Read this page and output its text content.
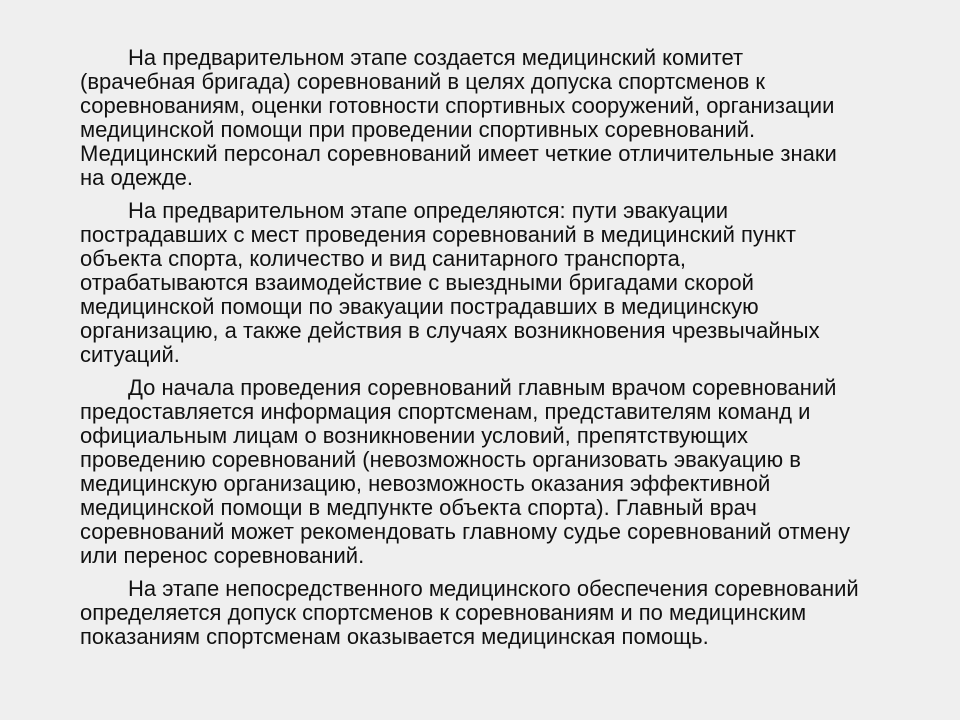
На предварительном этапе создается медицинский комитет
(врачебная бригада) соревнований в целях допуска спортсменов к
соревнованиям, оценки готовности спортивных сооружений, организации
медицинской помощи при проведении спортивных соревнований.
Медицинский персонал соревнований имеет четкие отличительные знаки
на одежде.
На предварительном этапе определяются: пути эвакуации
пострадавших с мест проведения соревнований в медицинский пункт
объекта спорта, количество и вид санитарного транспорта,
отрабатываются взаимодействие с выездными бригадами скорой
медицинской помощи по эвакуации пострадавших в медицинскую
организацию, а также действия в случаях возникновения чрезвычайных
ситуаций.
До начала проведения соревнований главным врачом соревнований
предоставляется информация спортсменам, представителям команд и
официальным лицам о возникновении условий, препятствующих
проведению соревнований (невозможность организовать эвакуацию в
медицинскую организацию, невозможность оказания эффективной
медицинской помощи в медпункте объекта спорта). Главный врач
соревнований может рекомендовать главному судье соревнований отмену
или перенос соревнований.
На этапе непосредственного медицинского обеспечения соревнований
определяется допуск спортсменов к соревнованиям и по медицинским
показаниям спортсменам оказывается медицинская помощь.
